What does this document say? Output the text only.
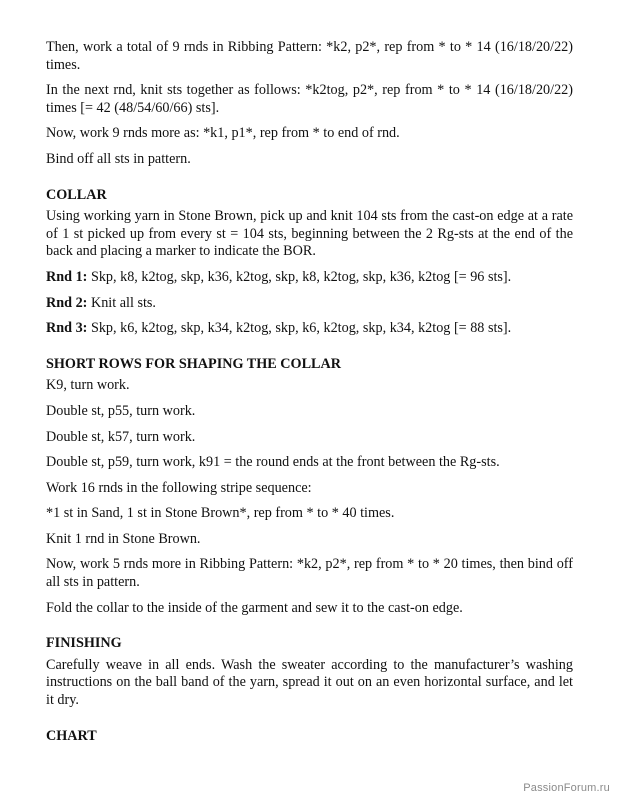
Then, work a total of 9 rnds in Ribbing Pattern: *k2, p2*, rep from * to * 14 (16/18/20/22) times.

In the next rnd, knit sts together as follows: *k2tog, p2*, rep from * to * 14 (16/18/20/22) times [= 42 (48/54/60/66) sts].

Now, work 9 rnds more as: *k1, p1*, rep from * to end of rnd.

Bind off all sts in pattern.

COLLAR

Using working yarn in Stone Brown, pick up and knit 104 sts from the cast-on edge at a rate of 1 st picked up from every st = 104 sts, beginning between the 2 Rg-sts at the end of the back and placing a marker to indicate the BOR.

Rnd 1: Skp, k8, k2tog, skp, k36, k2tog, skp, k8, k2tog, skp, k36, k2tog [= 96 sts].

Rnd 2: Knit all sts.

Rnd 3: Skp, k6, k2tog, skp, k34, k2tog, skp, k6, k2tog, skp, k34, k2tog [= 88 sts].

SHORT ROWS FOR SHAPING THE COLLAR

K9, turn work.

Double st, p55, turn work.

Double st, k57, turn work.

Double st, p59, turn work, k91 = the round ends at the front between the Rg-sts.

Work 16 rnds in the following stripe sequence:

*1 st in Sand, 1 st in Stone Brown*, rep from * to * 40 times.

Knit 1 rnd in Stone Brown.

Now, work 5 rnds more in Ribbing Pattern: *k2, p2*, rep from * to * 20 times, then bind off all sts in pattern.

Fold the collar to the inside of the garment and sew it to the cast-on edge.

FINISHING

Carefully weave in all ends. Wash the sweater according to the manufacturer’s washing instructions on the ball band of the yarn, spread it out on an even horizontal surface, and let it dry.

CHART
PassionForum.ru
